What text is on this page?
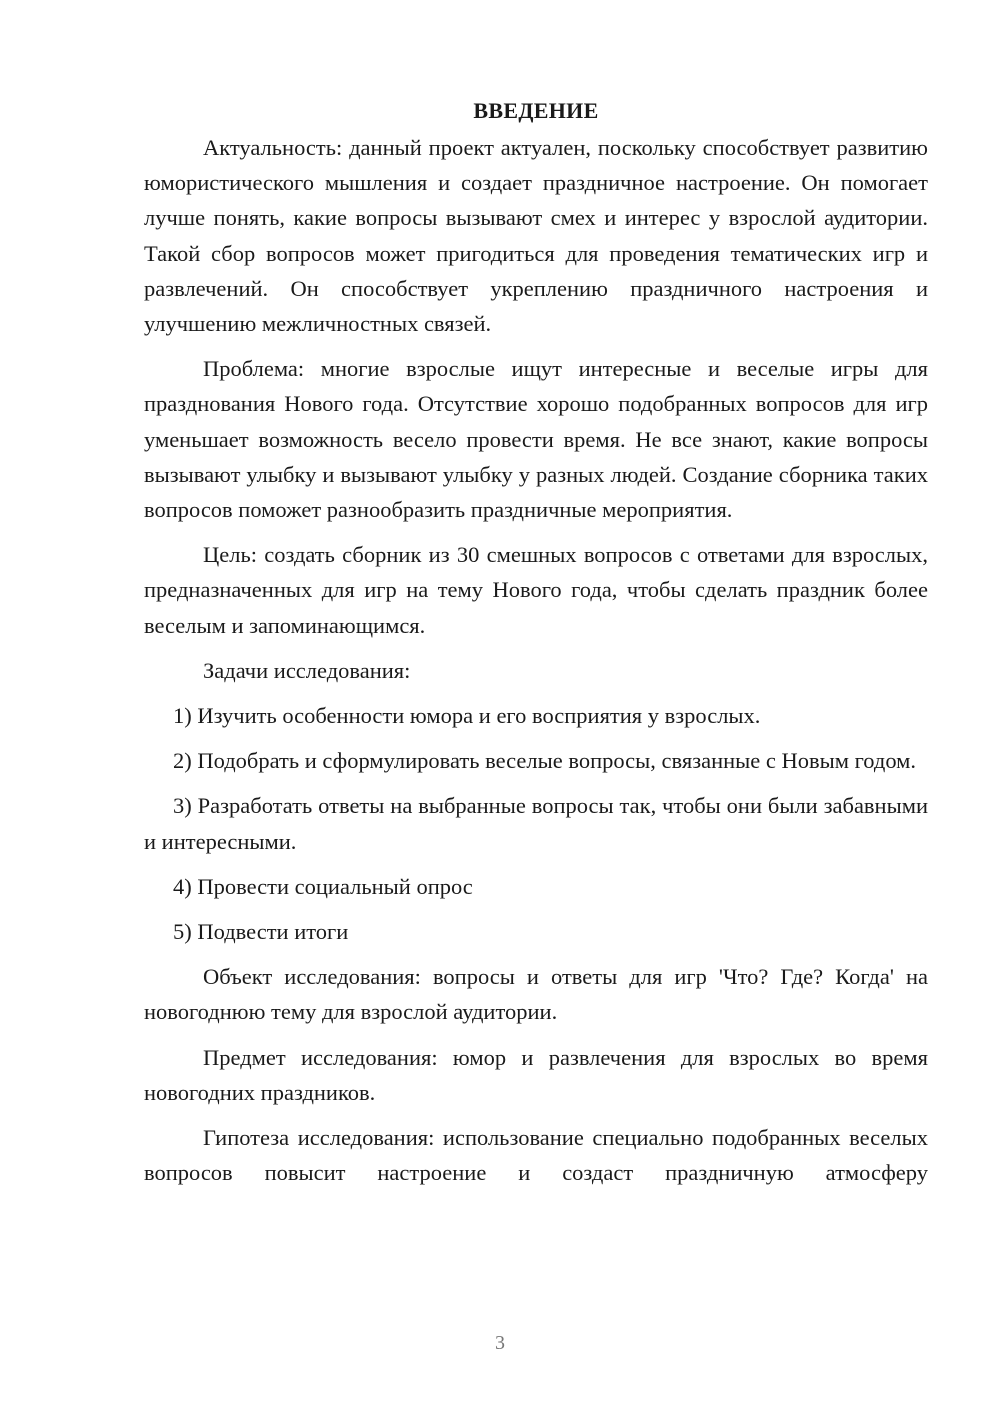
ВВЕДЕНИЕ

Актуальность: данный проект актуален, поскольку способствует развитию юмористического мышления и создает праздничное настроение. Он помогает лучше понять, какие вопросы вызывают смех и интерес у взрослой аудитории. Такой сбор вопросов может пригодиться для проведения тематических игр и развлечений. Он способствует укреплению праздничного настроения и улучшению межличностных связей.

Проблема: многие взрослые ищут интересные и веселые игры для празднования Нового года. Отсутствие хорошо подобранных вопросов для игр уменьшает возможность весело провести время. Не все знают, какие вопросы вызывают улыбку и вызывают улыбку у разных людей. Создание сборника таких вопросов поможет разнообразить праздничные мероприятия.

Цель: создать сборник из 30 смешных вопросов с ответами для взрослых, предназначенных для игр на тему Нового года, чтобы сделать праздник более веселым и запоминающимся.

Задачи исследования:

1) Изучить особенности юмора и его восприятия у взрослых.

2) Подобрать и сформулировать веселые вопросы, связанные с Новым годом.

3) Разработать ответы на выбранные вопросы так, чтобы они были забавными и интересными.

4) Провести социальный опрос

5) Подвести итоги

Объект исследования: вопросы и ответы для игр 'Что? Где? Когда' на новогоднюю тему для взрослой аудитории.

Предмет исследования: юмор и развлечения для взрослых во время новогодних праздников.

Гипотеза исследования: использование специально подобранных веселых вопросов повысит настроение и создаст праздничную атмосферу

3
